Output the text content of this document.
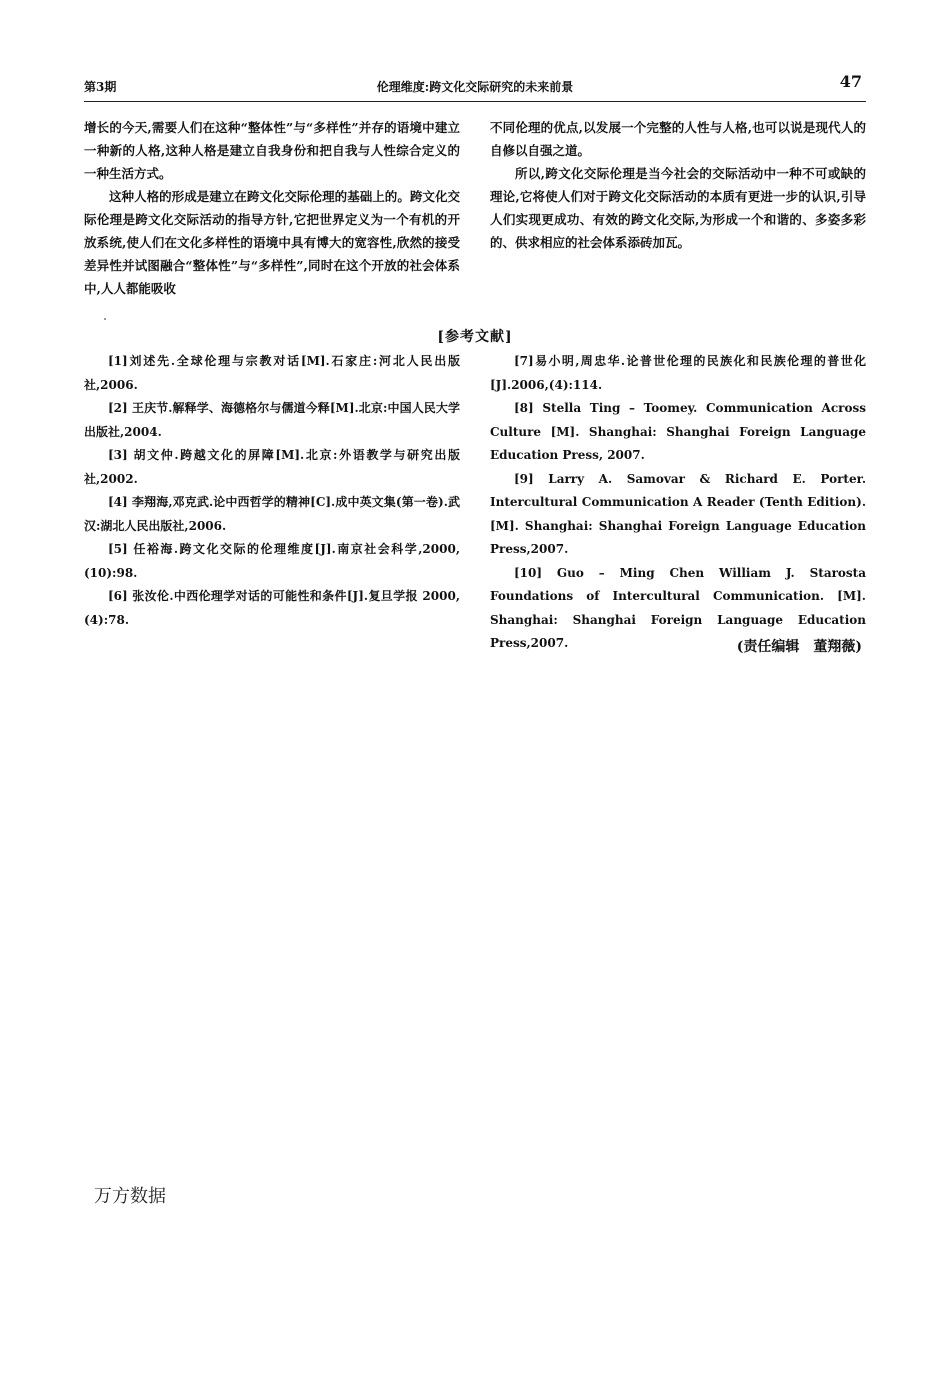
第3期	伦理维度:跨文化交际研究的未来前景	47

增长的今天,需要人们在这种“整体性”与“多样性”并存的语境中建立一种新的人格,这种人格是建立自我身份和把自我与人性综合定义的一种生活方式。

这种人格的形成是建立在跨文化交际伦理的基础上的。跨文化交际伦理是跨文化交际活动的指导方针,它把世界定义为一个有机的开放系统,使人们在文化多样性的语境中具有博大的宽容性,欣然的接受差异性并试图融合“整体性”与“多样性”,同时在这个开放的社会体系中,人人都能吸收

不同伦理的优点,以发展一个完整的人性与人格,也可以说是现代人的自修以自强之道。

所以,跨文化交际伦理是当今社会的交际活动中一种不可或缺的理论,它将使人们对于跨文化交际活动的本质有更进一步的认识,引导人们实现更成功、有效的跨文化交际,为形成一个和谐的、多姿多彩的、供求相应的社会体系添砖加瓦。

[参考文献]

[1]刘述先.全球伦理与宗教对话[M].石家庄:河北人民出版社,2006.

[2] 王庆节.解释学、海德格尔与儒道今释[M].北京:中国人民大学出版社,2004.

[3] 胡文仲.跨越文化的屏障[M].北京:外语教学与研究出版社,2002.

[4] 李翔海,邓克武.论中西哲学的精神[C].成中英文集(第一卷).武汉:湖北人民出版社,2006.

[5] 任裕海.跨文化交际的伦理维度[J].南京社会科学,2000,(10):98.

[6] 张汝伦.中西伦理学对话的可能性和条件[J].复旦学报 2000,(4):78.

[7]易小明,周忠华.论普世伦理的民族化和民族伦理的普世化[J].2006,(4):114.

[8] Stella Ting – Toomey. Communication Across Culture [M]. Shanghai: Shanghai Foreign Language Education Press, 2007.

[9] Larry A. Samovar & Richard E. Porter. Intercultural Communication A Reader (Tenth Edition). [M]. Shanghai: Shanghai Foreign Language Education Press,2007.

[10] Guo – Ming Chen William J. Starosta Foundations of Intercultural Communication. [M]. Shanghai: Shanghai Foreign Language Education Press,2007.	(责任编辑　董翔薇)
万方数据
